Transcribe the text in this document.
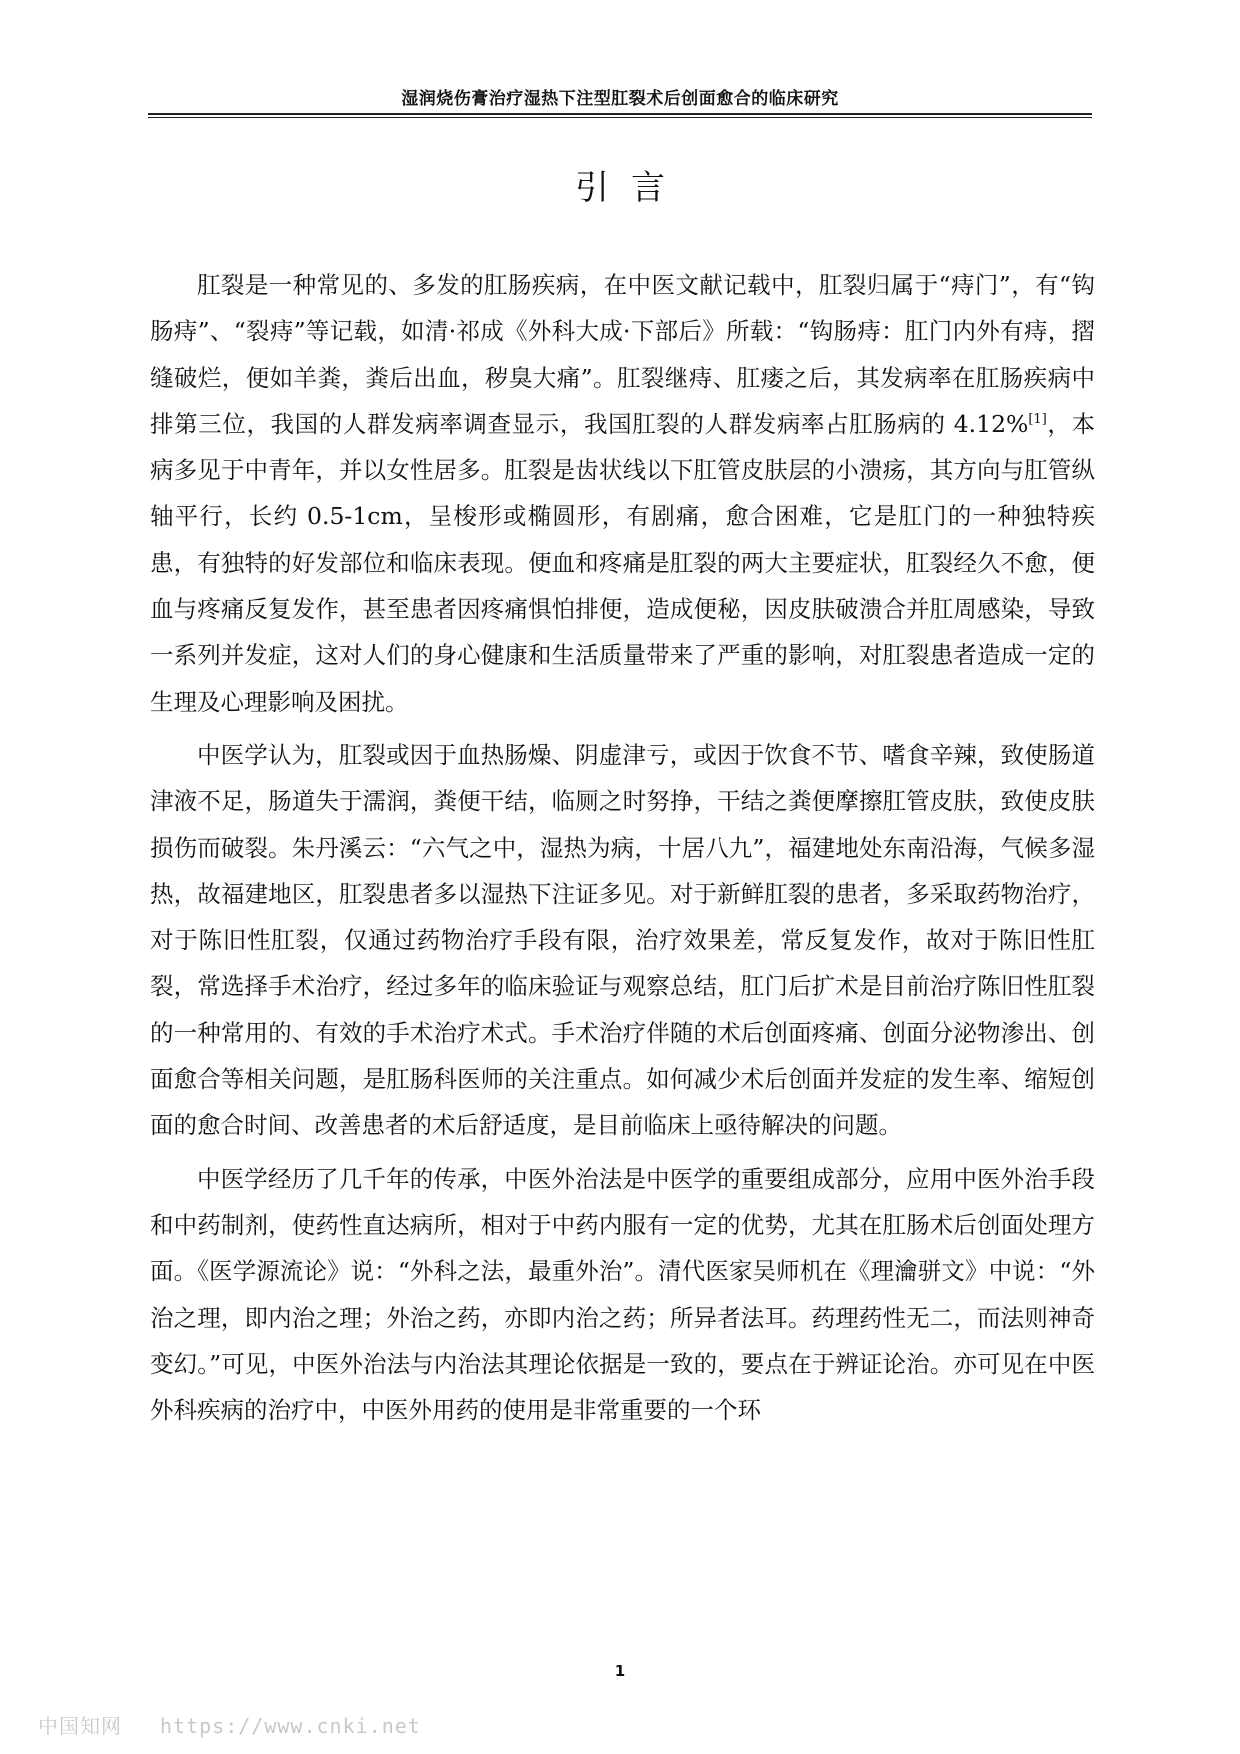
湿润烧伤膏治疗湿热下注型肛裂术后创面愈合的临床研究
引言

肛裂是一种常见的、多发的肛肠疾病，在中医文献记载中，肛裂归属于“痔门”，有“钩肠痔”、“裂痔”等记载，如清·祁成《外科大成·下部后》所载：“钩肠痔：肛门内外有痔，摺缝破烂，便如羊粪，粪后出血，秽臭大痛”。肛裂继痔、肛瘘之后，其发病率在肛肠疾病中排第三位，我国的人群发病率调查显示，我国肛裂的人群发病率占肛肠病的 4.12%[1]，本病多见于中青年，并以女性居多。肛裂是齿状线以下肛管皮肤层的小溃疡，其方向与肛管纵轴平行，长约 0.5-1cm，呈梭形或椭圆形，有剧痛，愈合困难，它是肛门的一种独特疾患，有独特的好发部位和临床表现。便血和疼痛是肛裂的两大主要症状，肛裂经久不愈，便血与疼痛反复发作，甚至患者因疼痛惧怕排便，造成便秘，因皮肤破溃合并肛周感染，导致一系列并发症，这对人们的身心健康和生活质量带来了严重的影响，对肛裂患者造成一定的生理及心理影响及困扰。

中医学认为，肛裂或因于血热肠燥、阴虚津亏，或因于饮食不节、嗜食辛辣，致使肠道津液不足，肠道失于濡润，粪便干结，临厕之时努挣，干结之粪便摩擦肛管皮肤，致使皮肤损伤而破裂。朱丹溪云：“六气之中，湿热为病，十居八九”，福建地处东南沿海，气候多湿热，故福建地区，肛裂患者多以湿热下注证多见。对于新鲜肛裂的患者，多采取药物治疗，对于陈旧性肛裂，仅通过药物治疗手段有限，治疗效果差，常反复发作，故对于陈旧性肛裂，常选择手术治疗，经过多年的临床验证与观察总结，肛门后扩术是目前治疗陈旧性肛裂的一种常用的、有效的手术治疗术式。手术治疗伴随的术后创面疼痛、创面分泌物渗出、创面愈合等相关问题，是肛肠科医师的关注重点。如何减少术后创面并发症的发生率、缩短创面的愈合时间、改善患者的术后舒适度，是目前临床上亟待解决的问题。

中医学经历了几千年的传承，中医外治法是中医学的重要组成部分，应用中医外治手段和中药制剂，使药性直达病所，相对于中药内服有一定的优势，尤其在肛肠术后创面处理方面。《医学源流论》说：“外科之法，最重外治”。清代医家吴师机在《理瀹骈文》中说：“外治之理，即内治之理；外治之药，亦即内治之药；所异者法耳。药理药性无二，而法则神奇变幻。”可见，中医外治法与内治法其理论依据是一致的，要点在于辨证论治。亦可见在中医外科疾病的治疗中，中医外用药的使用是非常重要的一个环

1
中国知网 https://www.cnki.net
